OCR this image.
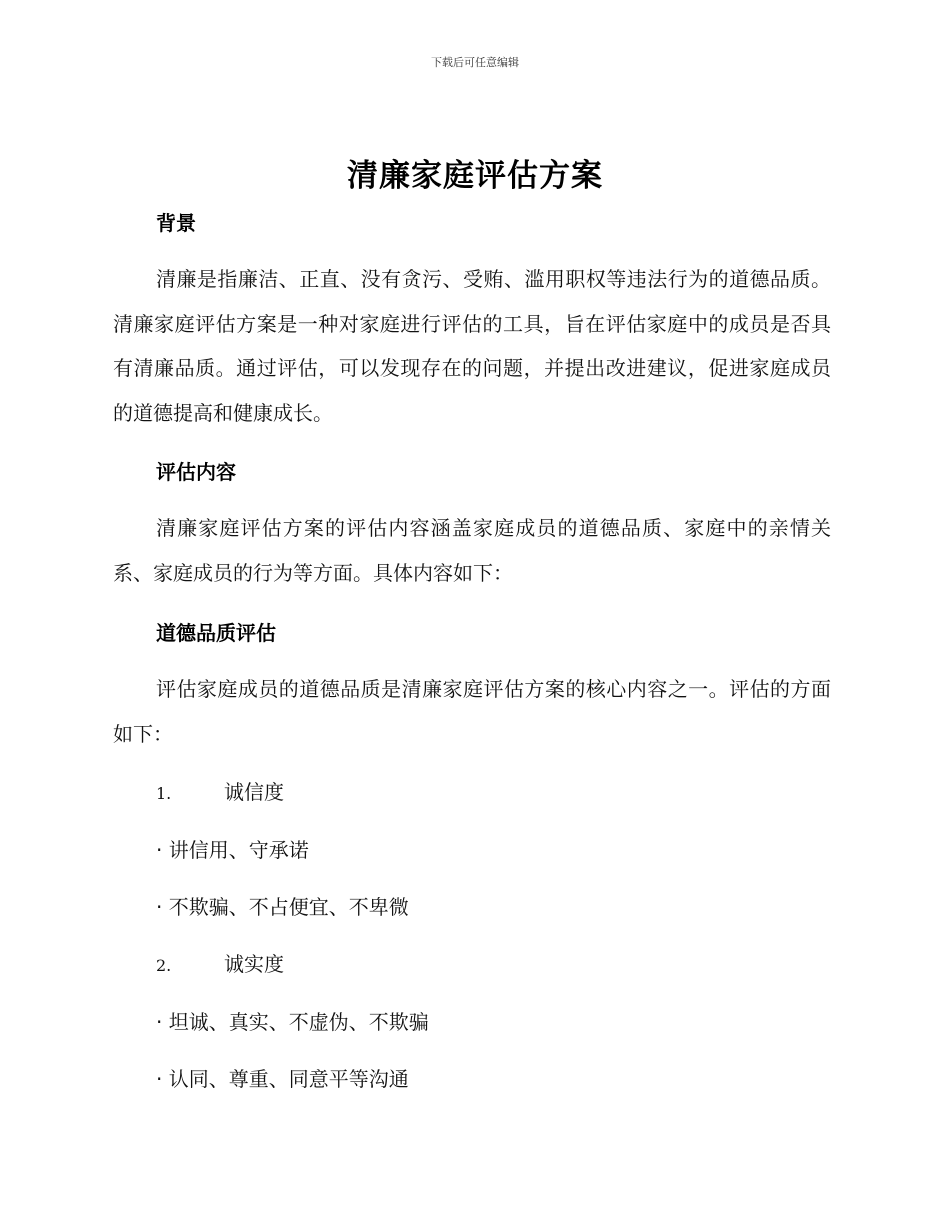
下载后可任意编辑
清廉家庭评估方案
背景

清廉是指廉洁、正直、没有贪污、受贿、滥用职权等违法行为的道德品质。清廉家庭评估方案是一种对家庭进行评估的工具，旨在评估家庭中的成员是否具有清廉品质。通过评估，可以发现存在的问题，并提出改进建议，促进家庭成员的道德提高和健康成长。

评估内容

清廉家庭评估方案的评估内容涵盖家庭成员的道德品质、家庭中的亲情关系、家庭成员的行为等方面。具体内容如下：

道德品质评估

评估家庭成员的道德品质是清廉家庭评估方案的核心内容之一。评估的方面如下：

1.	诚信度

· 讲信用、守承诺

· 不欺骗、不占便宜、不卑微

2.	诚实度

· 坦诚、真实、不虚伪、不欺骗

· 认同、尊重、同意平等沟通
